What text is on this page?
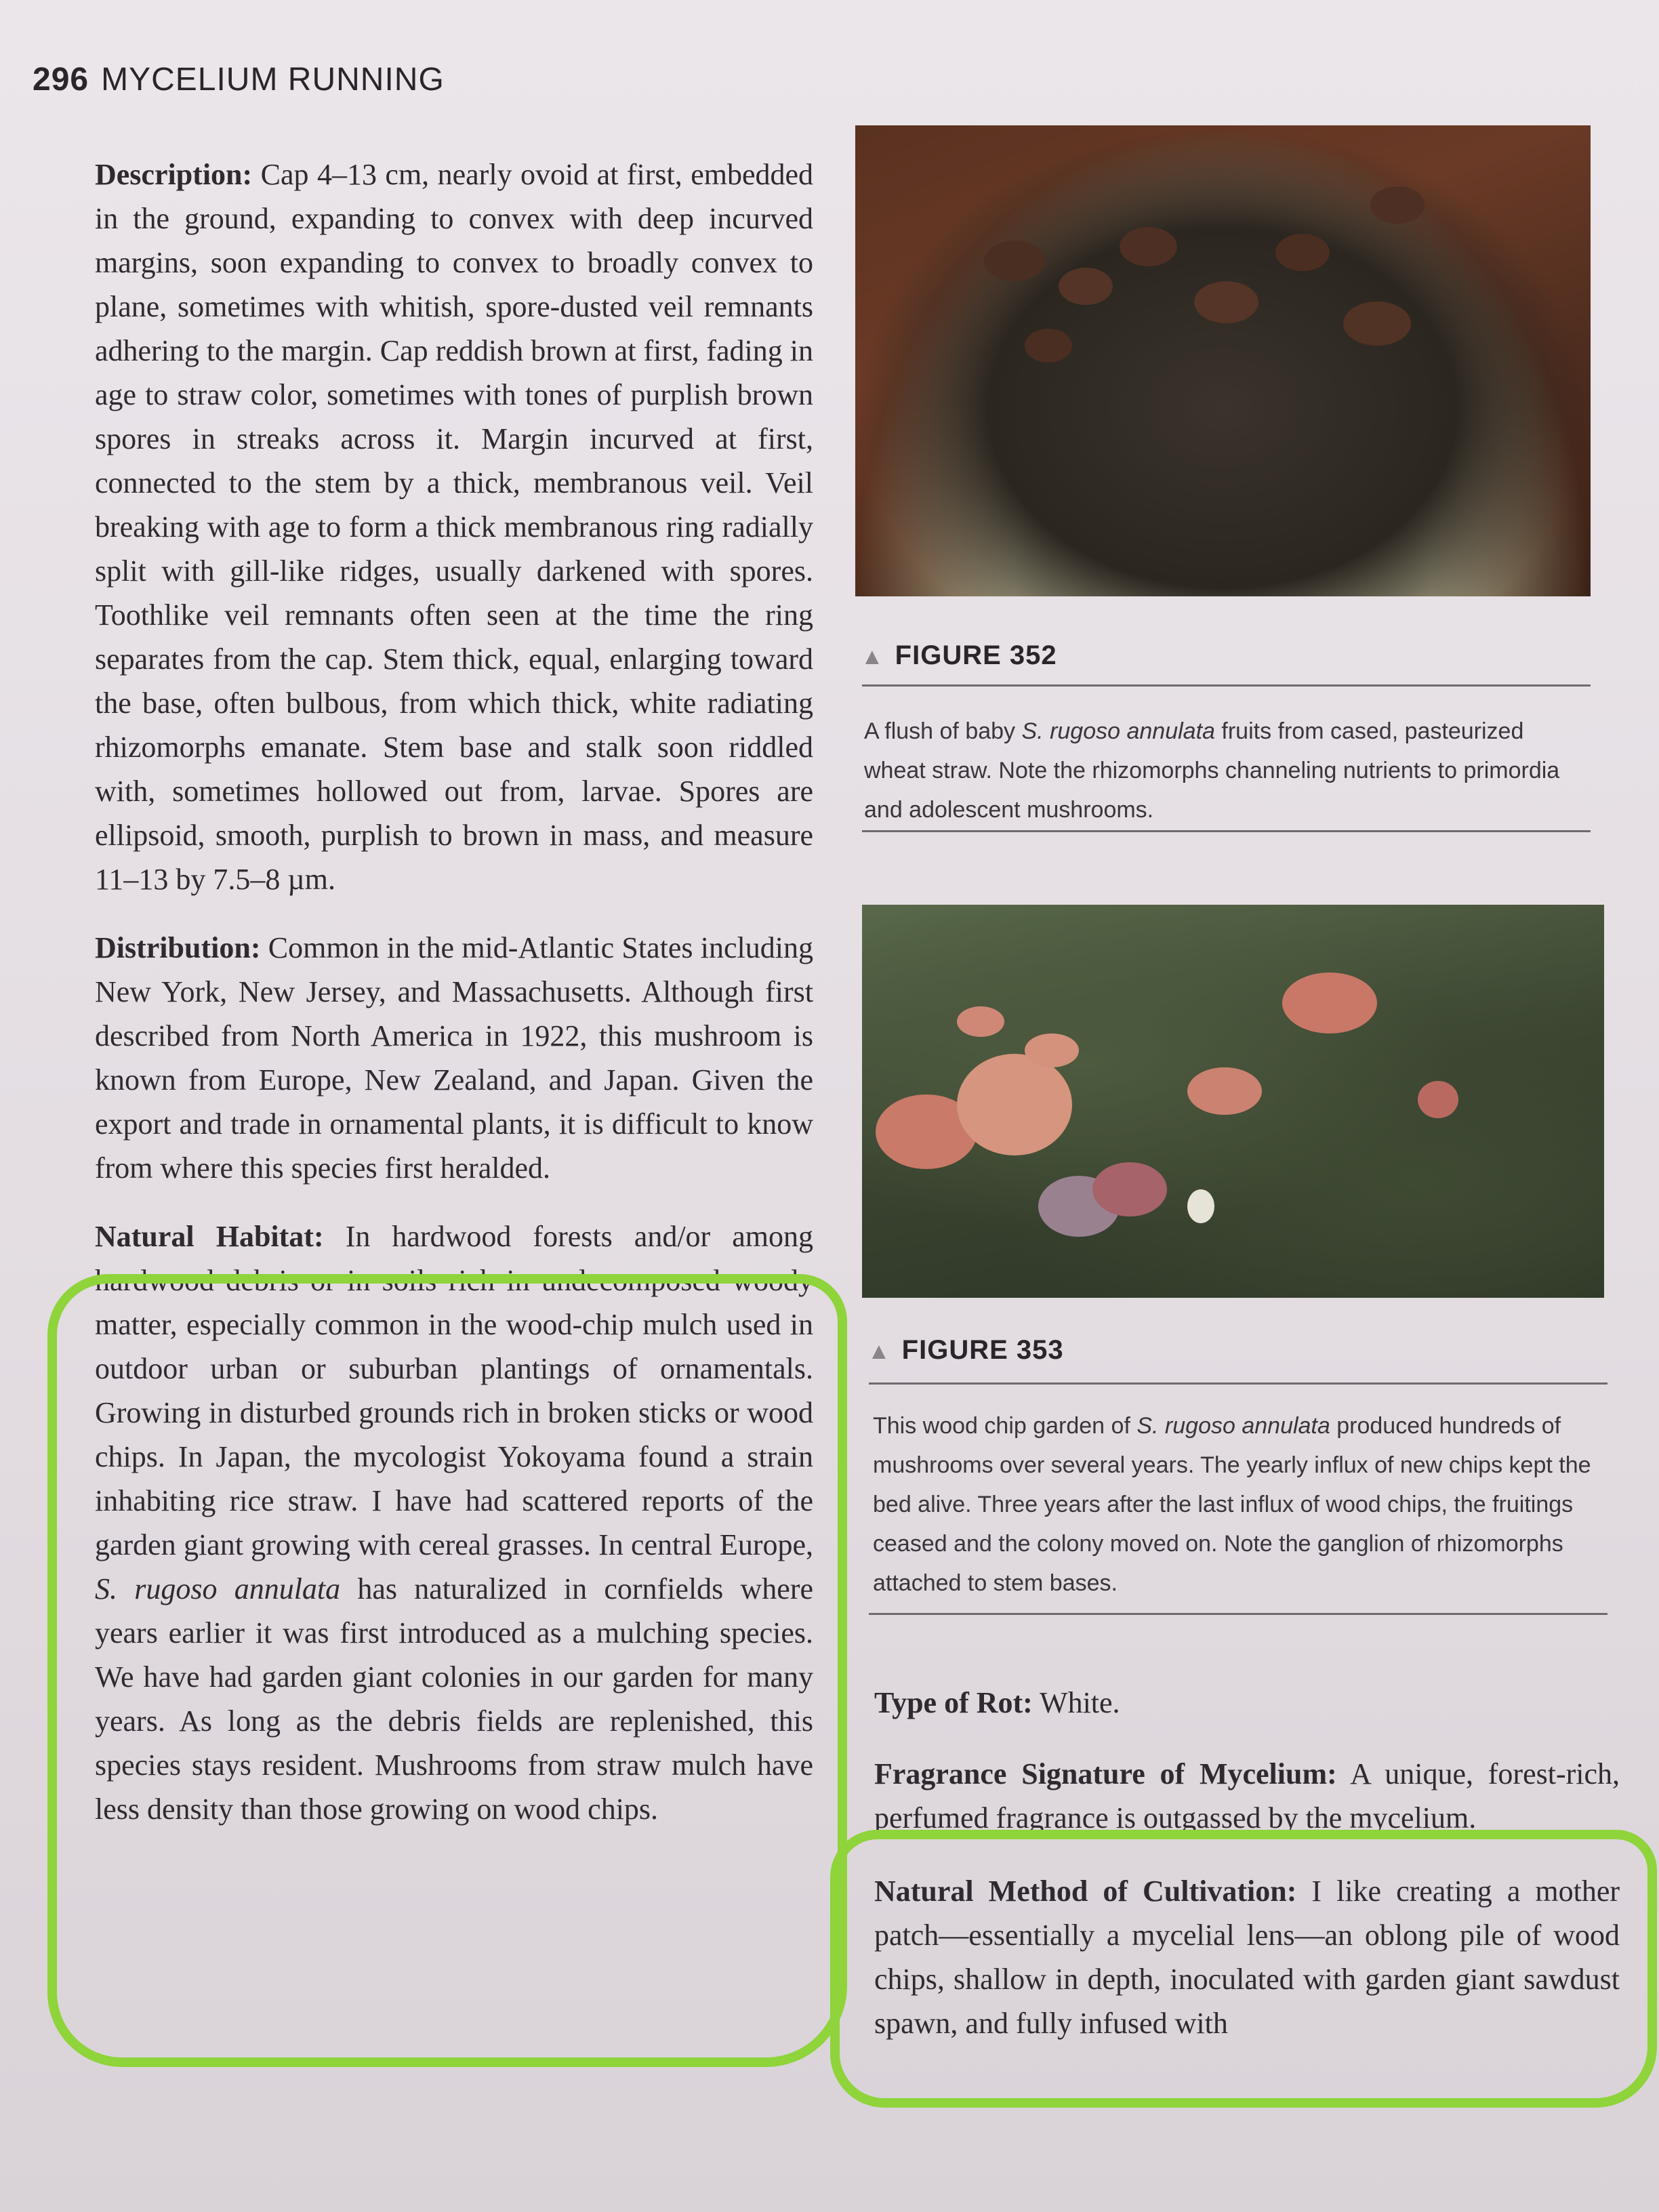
296 MYCELIUM RUNNING

Description: Cap 4–13 cm, nearly ovoid at first, embedded in the ground, expanding to convex with deep incurved margins, soon expanding to convex to broadly convex to plane, sometimes with whitish, spore-dusted veil remnants adhering to the margin. Cap reddish brown at first, fading in age to straw color, sometimes with tones of purplish brown spores in streaks across it. Margin incurved at first, connected to the stem by a thick, membranous veil. Veil breaking with age to form a thick membranous ring radially split with gill-like ridges, usually darkened with spores. Toothlike veil remnants often seen at the time the ring separates from the cap. Stem thick, equal, enlarging toward the base, often bulbous, from which thick, white radiating rhizomorphs emanate. Stem base and stalk soon riddled with, sometimes hollowed out from, larvae. Spores are ellipsoid, smooth, purplish to brown in mass, and measure 11–13 by 7.5–8 µm.

Distribution: Common in the mid-Atlantic States including New York, New Jersey, and Massachusetts. Although first described from North America in 1922, this mushroom is known from Europe, New Zealand, and Japan. Given the export and trade in ornamental plants, it is difficult to know from where this species first heralded.

Natural Habitat: In hardwood forests and/or among hardwood debris or in soils rich in undecomposed woody matter, especially common in the wood-chip mulch used in outdoor urban or suburban plantings of ornamentals. Growing in disturbed grounds rich in broken sticks or wood chips. In Japan, the mycologist Yokoyama found a strain inhabiting rice straw. I have had scattered reports of the garden giant growing with cereal grasses. In central Europe, S. rugoso annulata has naturalized in cornfields where years earlier it was first introduced as a mulching species. We have had garden giant colonies in our garden for many years. As long as the debris fields are replenished, this species stays resident. Mushrooms from straw mulch have less density than those growing on wood chips.

▲ FIGURE 352
A flush of baby S. rugoso annulata fruits from cased, pasteurized wheat straw. Note the rhizomorphs channeling nutrients to primordia and adolescent mushrooms.
▲ FIGURE 353
This wood chip garden of S. rugoso annulata produced hundreds of mushrooms over several years. The yearly influx of new chips kept the bed alive. Three years after the last influx of wood chips, the fruitings ceased and the colony moved on. Note the ganglion of rhizomorphs attached to stem bases.
Type of Rot: White.
Fragrance Signature of Mycelium: A unique, forest-rich, perfumed fragrance is outgassed by the mycelium.
Natural Method of Cultivation: I like creating a mother patch—essentially a mycelial lens—an oblong pile of wood chips, shallow in depth, inoculated with garden giant sawdust spawn, and fully infused with
